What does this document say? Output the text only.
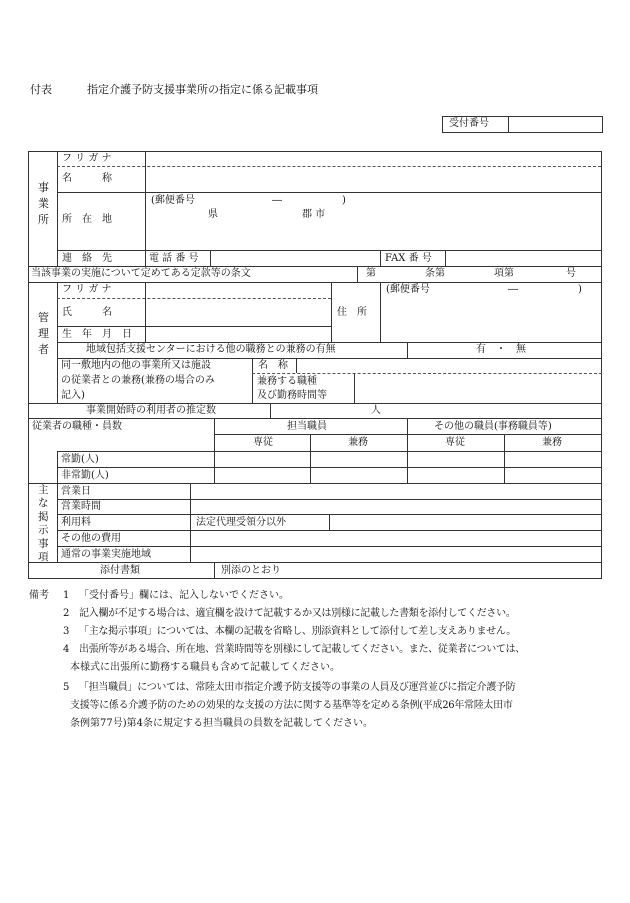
付表	指定介護予防支援事業所の指定に係る記載事項
受付番号
事
業
所
フ リ ガ ナ
名　　　称
所　在　地
(郵便番号	―	)
県	郡 市
連　絡　先	電 話 番 号	FAX 番 号
当該事業の実施について定めてある定款等の条文	第	条第	項第	号
管
理
者
フ リ ガ ナ
氏　　　名
生　年　月　日
住　所
(郵便番号	―	)
地域包括支援センターにおける他の職務との兼務の有無	有　・　無
同一敷地内の他の事業所又は施設
の従業者との兼務(兼務の場合のみ
記入)
名　称
兼務する職種
及び勤務時間等
事業開始時の利用者の推定数	人
従業者の職種・員数	担当職員	その他の職員(事務職員等)
専従	兼務	専従	兼務
常勤(人)
非常勤(人)
主
な
掲
示
事
項
営業日
営業時間
利用料	法定代理受領分以外
その他の費用
通常の事業実施地域
添付書類	別添のとおり
備考 1 「受付番号」欄には、記入しないでください。
2 記入欄が不足する場合は、適宜欄を設けて記載するか又は別様に記載した書類を添付してください。
3 「主な掲示事項」については、本欄の記載を省略し、別添資料として添付して差し支えありません。
4 出張所等がある場合、所在地、営業時間等を別様にして記載してください。また、従業者については、
本様式に出張所に勤務する職員も含めて記載してください。
5 「担当職員」については、常陸太田市指定介護予防支援等の事業の人員及び運営並びに指定介護予防
支援等に係る介護予防のための効果的な支援の方法に関する基準等を定める条例(平成26年常陸太田市
条例第77号)第4条に規定する担当職員の員数を記載してください。
